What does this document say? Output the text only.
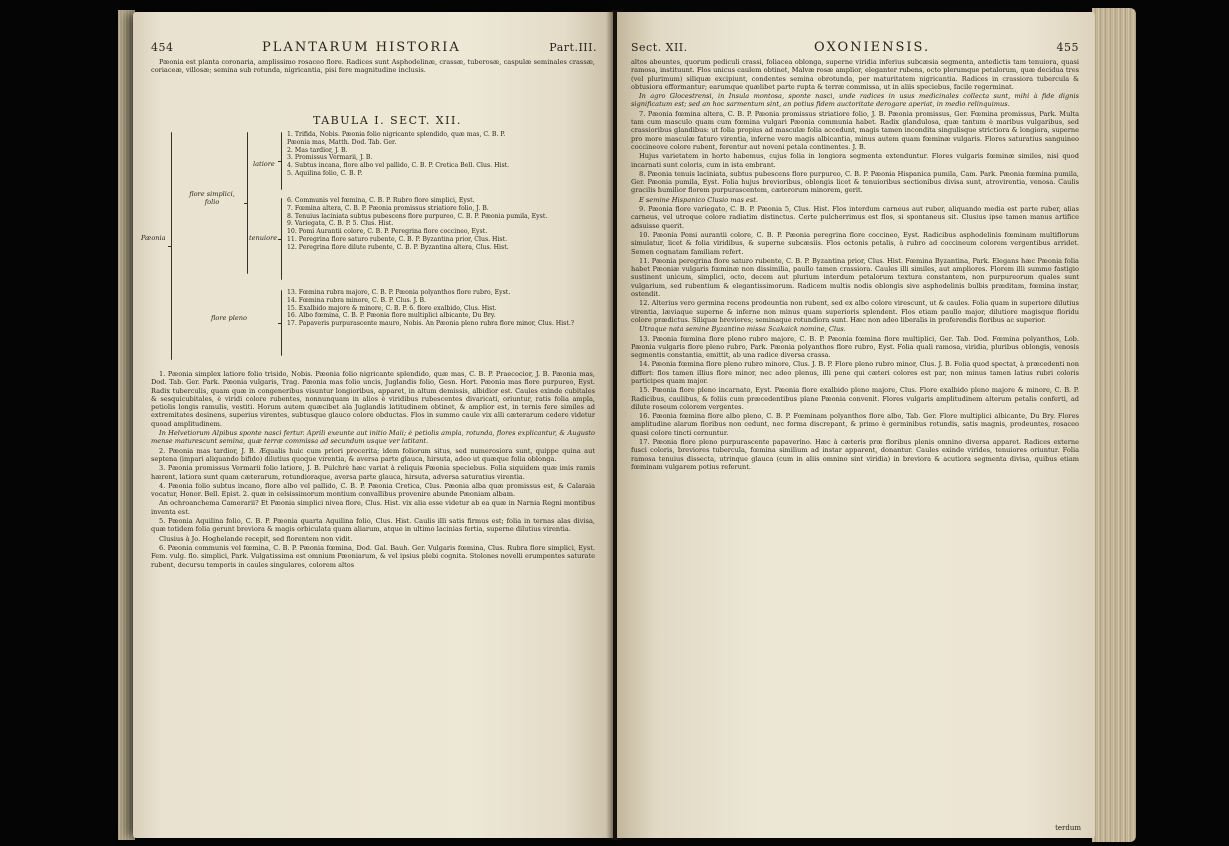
454	PLANTARUM HISTORIA	Part.III.

Pæonia est planta coronaria, amplissimo rosaceo flore. Radices sunt Asphodelinæ, crassæ, tuberosæ, caspulæ seminales crassæ, coriaceæ, villosæ; semina sub rotunda, nigricantia, pisi fere magnitudine inclusis.

TABULA I. SECT. XII.
Pæonia
flore simplici, folio
latiore
1. Trifida, Nobis. Pæonia folio nigricante splendido, quæ mas, C. B. P.
Pæonia mas, Matth. Dod. Tab. Ger.
2. Mas tardior, J. B.
3. Promissus Vermarii, J. B.
4. Subtus incana, flore albo vel pallido, C. B. P. Cretica Bell. Clus. Hist.
5. Aquilina folio, C. B. P.
tenuiore
6. Communis vel fœmina, C. B. P. Rubro flore simplici, Eyst.
7. Fœmina altera, C. B. P. Pæonia promissus striatiore folio, J. B.
8. Tenuius laciniata subtus pubescens flore purpureo, C. B. P. Pæonia pumila, Eyst.
9. Variegata, C. B. P. 5. Clus. Hist.
10. Pomi Aurantii colore, C. B. P. Peregrina flore coccineo, Eyst.
11. Peregrina flore saturo rubente, C. B. P. Byzantina prior, Clus. Hist.
12. Peregrina flore dilute rubente, C. B. P. Byzantina altera, Clus. Hist.
flore pleno
13. Fœmina rubra majore, C. B. P. Pæonia polyanthos flore rubro, Eyst.
14. Fœmina rubra minore, C. B. P. Clus. J. B.
15. Exalbido majore & minore, C. B. P. 6. flore exalbido, Clus. Hist.
16. Albo fœmina, C. B. P. Pæonia flore multiplici albicante, Du Bry.
17. Papaveris purpurascente mauro, Nobis. An Pæonia pleno rubra flore minor, Clus. Hist.?

1. Pæonia simplex latiore folio trisido, Nobis. Pæonia folio nigricante splendido, quæ mas, C. B. P. Praecocior, J. B. Pæonia mas, Dod. Tab. Ger. Park. Pæonia vulgaris, Trag. Pæonia mas folio uncis, Juglandis folio, Gesn. Hort. Pæonia mas flore purpureo, Eyst. Radix tuberculis, quam quæ in congeneribus visuntur longioribus, apparet, in altum demissis, albidior est. Caules exinde cubitales & sesquicubitales, è viridi colore rubentes, nonnunquam in alios è viridibus rubescentes divaricati, oriuntur, ratis folia ampla, petiolis longis ramulis, vestiti. Horum autem quæcibet ala Juglandis latitudinem obtinet, & amplior est, in ternis fere similes ad extremitates desinens, superius virentes, subtusque glauco colore obductas. Flos in summo caule vix alli cæterarum cedere videtur quoad amplitudinem.

In Helvetiorum Alpibus sponte nasci fertur. Aprili exeunte aut initio Maii; è petiolis ampla, rotunda, flores explicantur, & Augusto mense maturescunt semina, quæ terræ commissa ad secundum usque ver latitant.

2. Pæonia mas tardior, J. B. Æqualis huic cum priori procerita; idem foliorum situs, sed numerosiora sunt, quippe quina aut septena (impari aliquando bifido) dilutius quoque virentia, & aversa parte glauca, hirsuta, adeo ut quæque folia oblonga.

3. Pæonia promissus Vermarii folio latiore, J. B. Pulchrè hæc variat à reliquis Pæonia speciebus. Folia siquidem quæ imis ramis hærent, latiora sunt quam cæterarum, rotundioraque, aversa parte glauca, hirsuta, adversa saturatius virentia.

4. Pæonia folio subtus incano, flore albo vel pallido, C. B. P. Pæonia Cretica, Clus. Pæonia alba quæ promissus est, & Calaraia vocatur, Honor. Bell. Epist. 2. quæ in celsissimorum montium convallibus provenire abunde Pæoniam albam.

An ochroanchema Camerarii? Et Pæonia simplici nivea flore, Clus. Hist. vix alia esse videtur ab ea quæ in Narnia Regni montibus inventa est.

5. Pæonia Aquilina folio, C. B. P. Pæonia quarta Aquilina folio, Clus. Hist. Caulis illi satis firmus est; folia in ternas alas divisa, quæ totidem folia gerunt breviora & magis orbiculata quam aliarum, atque in ultimo lacinias fertia, superne dilutius virentia.

Clusius à Jo. Hoghelande recepit, sed florentem non vidit.

6. Pæonia communis vel fœmina, C. B. P. Pæonia fœmina, Dod. Gal. Bauh. Ger. Vulgaris fœmina, Clus. Rubra flore simplici, Eyst. Fem. vulg. flo. simplici, Park. Vulgatissima est omnium Pæoniarum, & vel ipsius plebi cognita. Stolones novelli erumpentes saturate rubent, decursu temporis in caules singulares, colorem altos

Sect. XII.	OXONIENSIS.	455

altos abeuntes, quorum pediculi crassi, foliacea oblonga, superne viridia inferius subcæsia segmenta, antedictis tam tenuiora, quasi ramosa, instituunt. Flos unicus caulem obtinet, Malvæ rosæ amplior, eleganter rubens, octo plerumque petalorum, quæ decidua tres (vel plurimum) siliquæ excipiunt, condentes semina obrotunda, per maturitatem nigricantia. Radices in crassiora tubercula & obtusiora efformantur; earumque quælibet parte rupta & terræ commissa, ut in aliis speciebus, facile regerminat.

In agro Glocestrensi, in Insula montosa, sponte nasci, unde radices in usus medicinales collecta sunt, mihi à fide dignis significatum est; sed an hoc sarmentum sint, an potius fidem auctoritate derogare aperiat, in medio relinquimus.

7. Pæonia fœmina altera, C. B. P. Pæonia promissus striatiore folio, J. B. Pæonia promissus, Ger. Fœmina promissus, Park. Multa tam cum masculo quam cum fœmina vulgari Pæonia communia habet. Radix glandulosa, quæ tantum è maribus vulgaribus, sed crassioribus glandibus: ut folia propius ad masculæ folia accedunt, magis tamen incondita singulisque strictiora & longiora, superne pro more masculæ faturo virentia, inferne vero magis albicantia, minus autem quam fœminæ vulgaris. Flores saturatius sanguineo coccineove colore rubent, ferentur aut noveni petala continentes. J. B.

Hujus varietatem in horto habemus, cujus folia in longiora segmenta extenduntur. Flores vulgaris fœminæ similes, nisi quod incarnati sunt coloris, cum in ista embrant.

8. Pæonia tenuis laciniata, subtus pubescens flore purpureo, C. B. P. Pæonia Hispanica pumila, Cam. Park. Pæonia fœmina pumila, Ger. Pæonia pumila, Eyst. Folia hujus brevioribus, oblongis licet & tenuioribus sectionibus divisa sunt, atrovirentia, venosa. Caulis gracilis humilior florem purpurascentem, cæterorum minorem, gerit.

E semine Hispanico Clusio mas est.

9. Pæonia flore variegato, C. B. P. Pæonia 5, Clus. Hist. Flos interdum carneus aut ruber, aliquando media est parte ruber, alias carneus, vel utroque colore radiatim distinctus. Certe pulcherrimus est flos, si spontaneus sit. Clusius ipse tamen manus artifice adsuisse querit.

10. Pæonia Pomi aurantii colore, C. B. P. Pæonia peregrina flore coccineo, Eyst. Radicibus asphodelinis fœminam multiflorum simulatur, licet & folia viridibus, & superne subcæsiis. Flos octonis petalis, à rubro ad coccineum colorem vergentibus arridet. Semen cognatam familiam refert.

11. Pæonia peregrina flore saturo rubente, C. B. P. Byzantina prior, Clus. Hist. Fœmina Byzantina, Park. Elegans hæc Pæonia folia habet Pæoniæ vulgaris fœminæ non dissimilia, paullo tamen crassiora. Caules illi similes, aut ampliores. Florem illi summo fastigio sustinent unicum, simplici, octo, decem aut plurium interdum petalorum textura constantem, non purpureorum quales sunt vulgarium, sed rubentium & elegantissimorum. Radicem multis nodis oblongis sive asphodelinis bulbis præditam, fœmina instar, ostendit.

12. Alterius vero germina recens prodeuntia non rubent, sed ex albo colore virescunt, ut & caules. Folia quam in superiore dilutius virentia, læviaque superne & inferne non minus quam superioris splendent. Flos etiam paullo major, dilutiore magisque floridu colore prædictus. Siliquæ breviores; seminaque rotundiora sunt. Hæc non adeo liberalis in proferendis floribus ac superior.

Utraque nata semine Byzantino missa Scakaick nomine, Clus.

13. Pæonia fœmina flore pleno rubro majore, C. B. P. Pæonia fœmina flore multiplici, Ger. Tab. Dod. Fœmina polyanthos, Lob. Pæonia vulgaris flore pleno rubro, Park. Pæonia polyanthos flore rubro, Eyst. Folia quali ramosa, viridia, pluribus oblongis, venosis segmentis constantia, emittit, ab una radice diversa crassa.

14. Pæonia fœmina flore pleno rubro minore, Clus. J. B. P. Flore pleno rubro minor, Clus. J. B. Folia quod spectat, à præcedenti non differt: flos tamen illius flore minor, nec adeo plenus, illi pene qui cæteri colores est par, non minus tamen latius rubri coloris participes quam major.

15. Pæonia flore pleno incarnato, Eyst. Pæonia flore exalbido pleno majore, Clus. Flore exalbido pleno majore & minore, C. B. P. Radicibus, caulibus, & foliis cum præcedentibus plane Pæonia convenit. Flores vulgaris amplitudinem alterum petalis conferti, ad dilute roseum colorem vergentes.

16. Pæonia fœmina flore albo pleno, C. B. P. Fœminam polyanthos flore albo, Tab. Ger. Flore multiplici albicante, Du Bry. Flores amplitudine alarum floribus non cedunt, nec forma discrepant, & primo è germinibus rotundis, satis magnis, prodeuntes, rosaceo quasi colore tincti cernuntur.

17. Pæonia flore pleno purpurascente papaverino. Hæc à cæteris præ floribus plenis omnino diversa apparet. Radices externe fusci coloris, breviores tubercula, fœmina similium ad instar apparent, donantur. Caules exinde virides, tenuiores oriuntur. Folia ramosa tenuius dissecta, utrinque glauca (cum in aliis omnino sint viridia) in breviora & acutiora segmenta divisa, quibus etiam fœminam vulgarem potius referunt.

terdum
